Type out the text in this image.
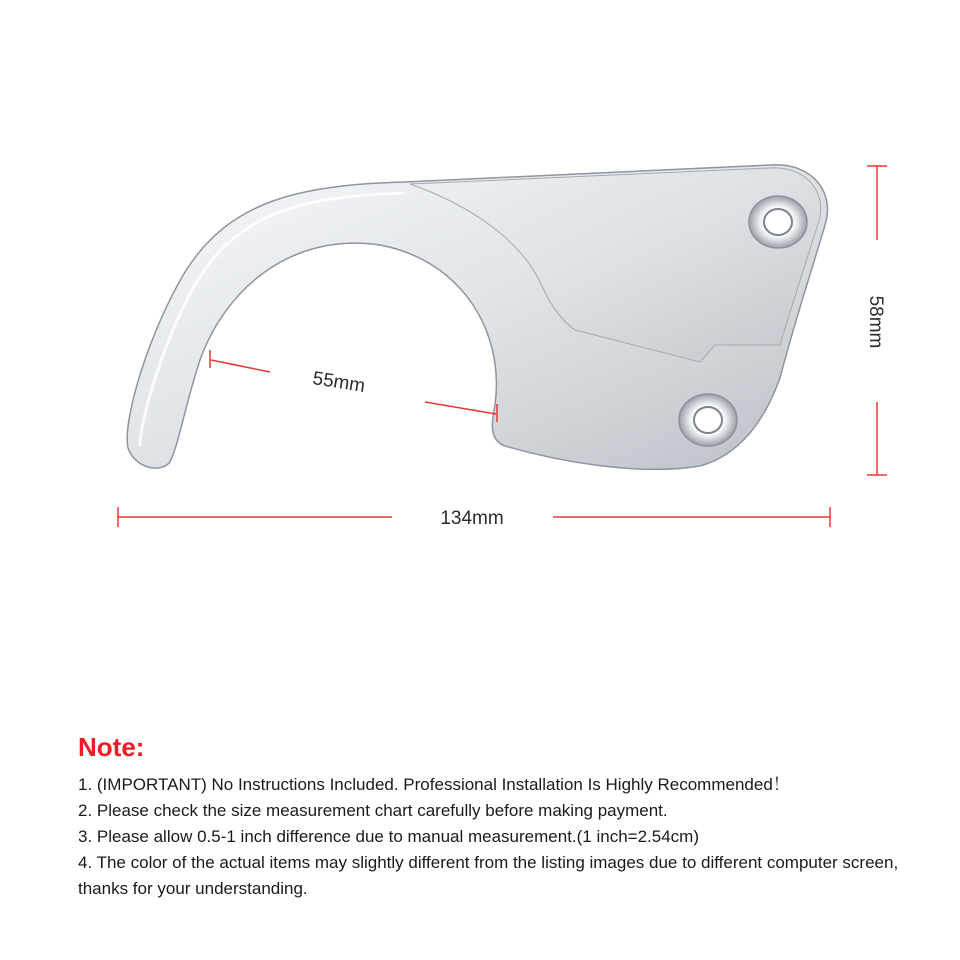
55mm
134mm
58mm
Note:
1. (IMPORTANT) No Instructions Included. Professional Installation Is Highly Recommended！
2. Please check the size measurement chart carefully before making payment.
3. Please allow 0.5-1 inch difference due to manual measurement.(1 inch=2.54cm)
4. The color of the actual items may slightly different from the listing images due to different computer screen, thanks for your understanding.
